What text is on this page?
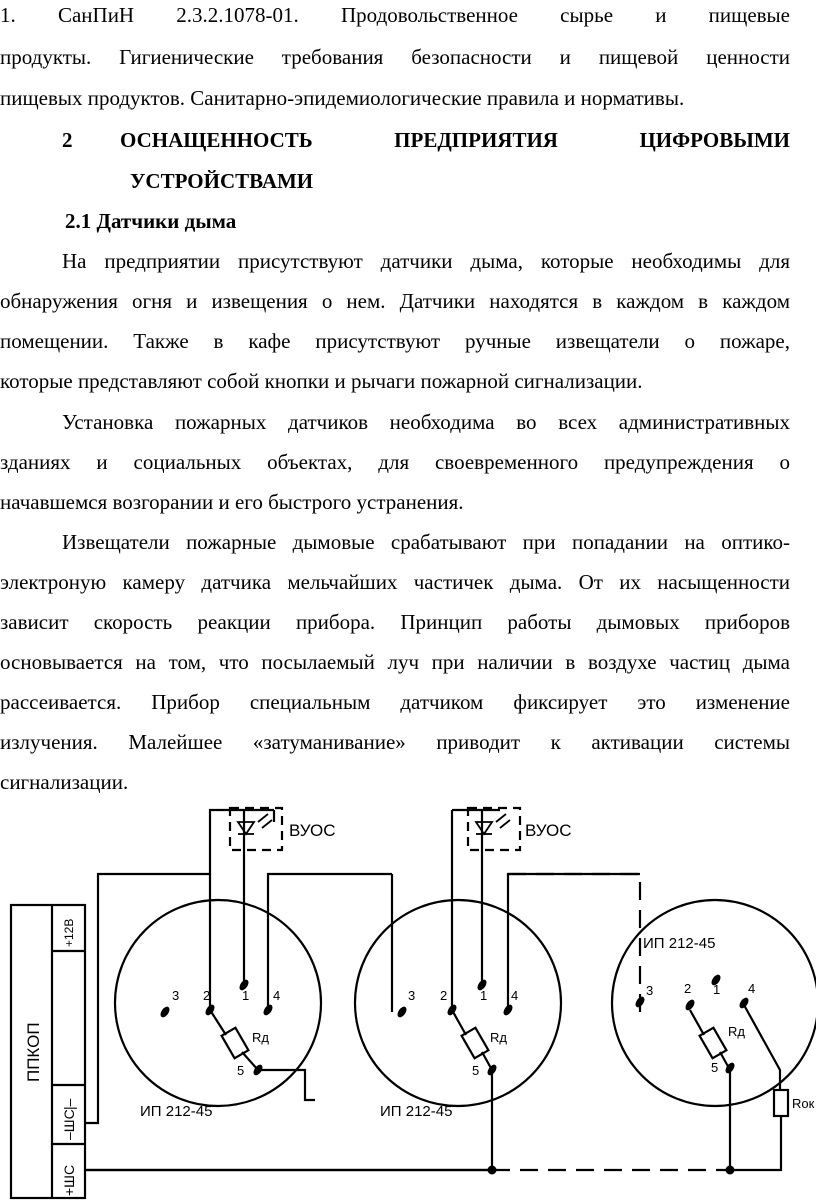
1. СанПиН 2.3.2.1078-01. Продовольственное сырье и пищевые
продукты. Гигиенические требования безопасности и пищевой ценности
пищевых продуктов. Санитарно-эпидемиологические правила и нормативы.
2	ОСНАЩЕННОСТЬ ПРЕДПРИЯТИЯ ЦИФРОВЫМИ
УСТРОЙСТВАМИ
2.1 Датчики дыма
На предприятии присутствуют датчики дыма, которые необходимы для
обнаружения огня и извещения о нем. Датчики находятся в каждом в каждом
помещении. Также в кафе присутствуют ручные извещатели о пожаре,
которые представляют собой кнопки и рычаги пожарной сигнализации.
Установка пожарных датчиков необходима во всех административных
зданиях и социальных объектах, для своевременного предупреждения о
начавшемся возгорании и его быстрого устранения.
Извещатели пожарные дымовые срабатывают при попадании на оптико-
электроную камеру датчика мельчайших частичек дыма. От их насыщенности
зависит скорость реакции прибора. Принцип работы дымовых приборов
основывается на том, что посылаемый луч при наличии в воздухе частиц дыма
рассеивается. Прибор специальным датчиком фиксирует это изменение
излучения. Малейшее «затуманивание» приводит к активации системы
сигнализации.
ВУОС	ВУОС
ИП 212-45	ИП 212-45
ИП 212-45
Rд	Rд	Rд
Rок
3 2 1 4
5
3 2	1 4
5
3 2 1 4
5
ППКОП
+12В
|–
–ШС
+ШС
